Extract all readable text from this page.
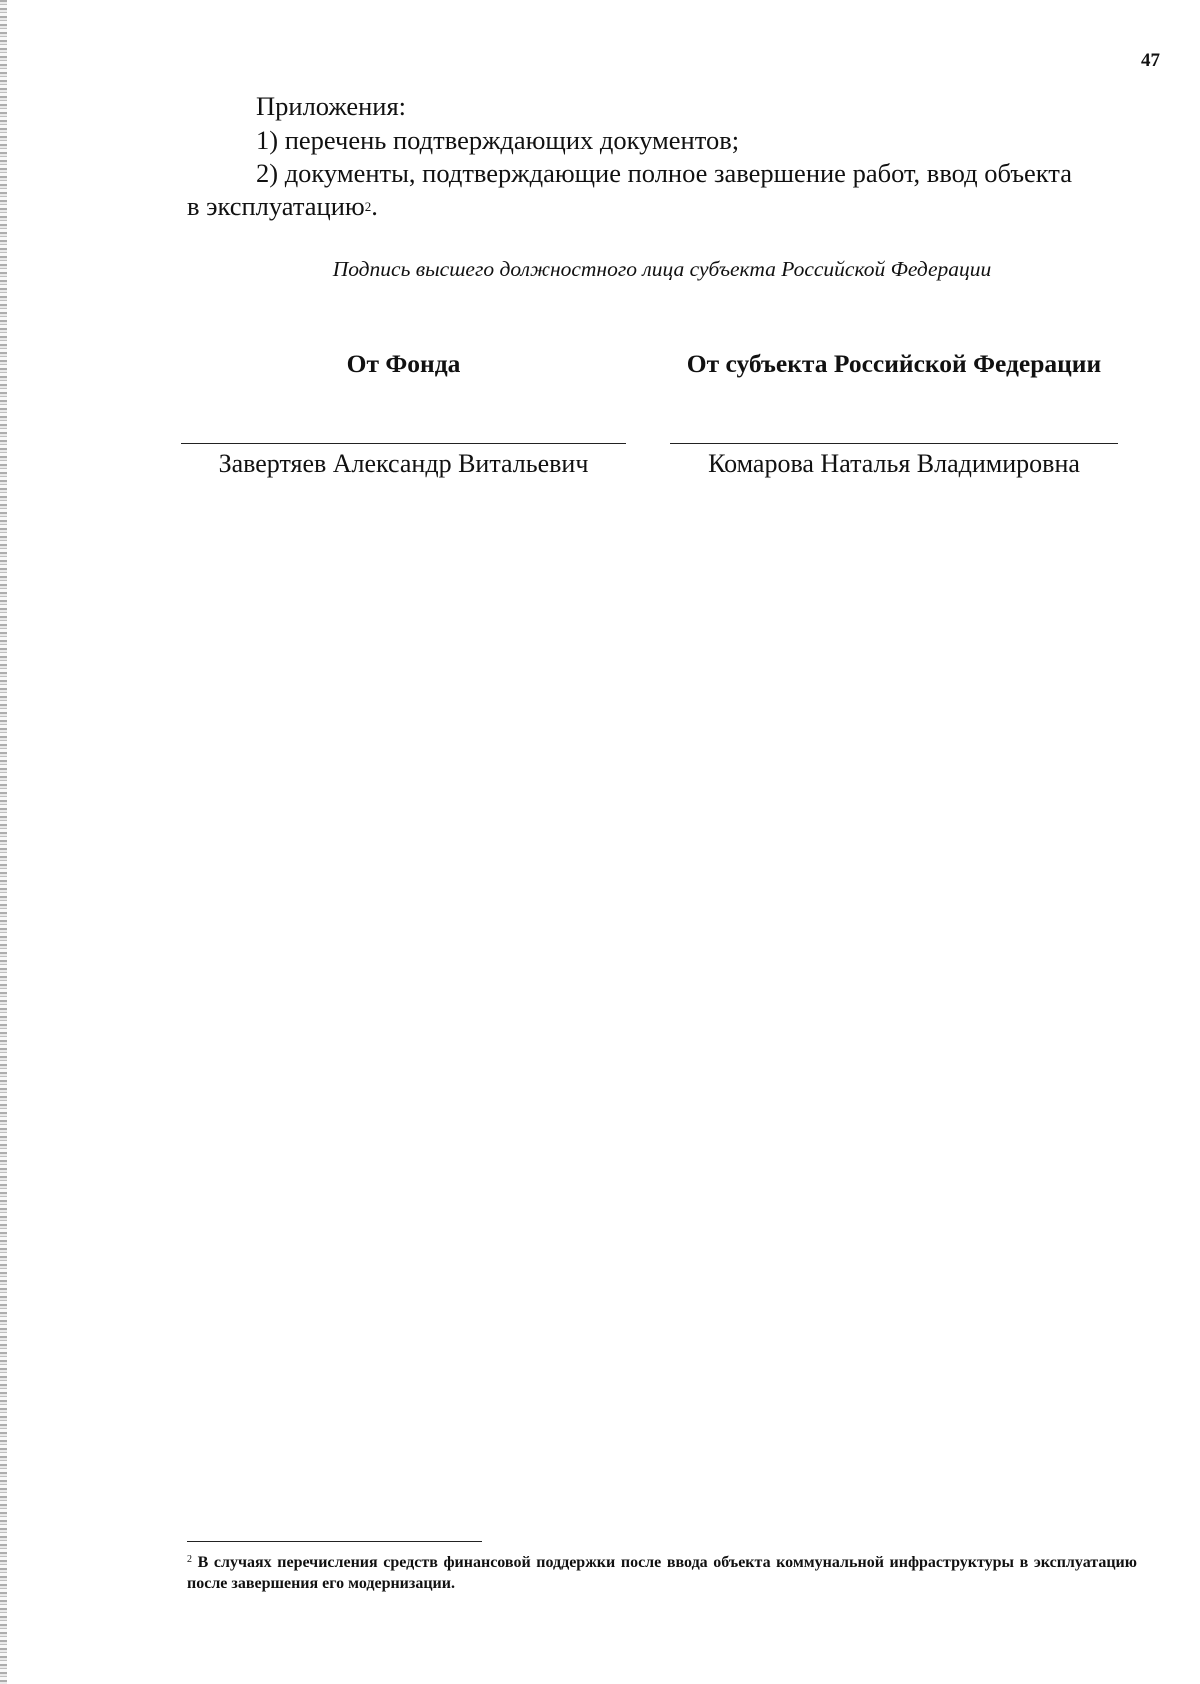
47
Приложения:
1) перечень подтверждающих документов;
2) документы, подтверждающие полное завершение работ, ввод объекта
в эксплуатацию$^2$.
Подпись высшего должностного лица субъекта Российской Федерации
От Фонда	От субъекта Российской Федерации
Завертяев Александр Витальевич	Комарова Наталья Владимировна
$^2$ В случаях перечисления средств финансовой поддержки после ввода объекта коммунальной инфраструктуры в эксплуатацию после завершения его модернизации.
